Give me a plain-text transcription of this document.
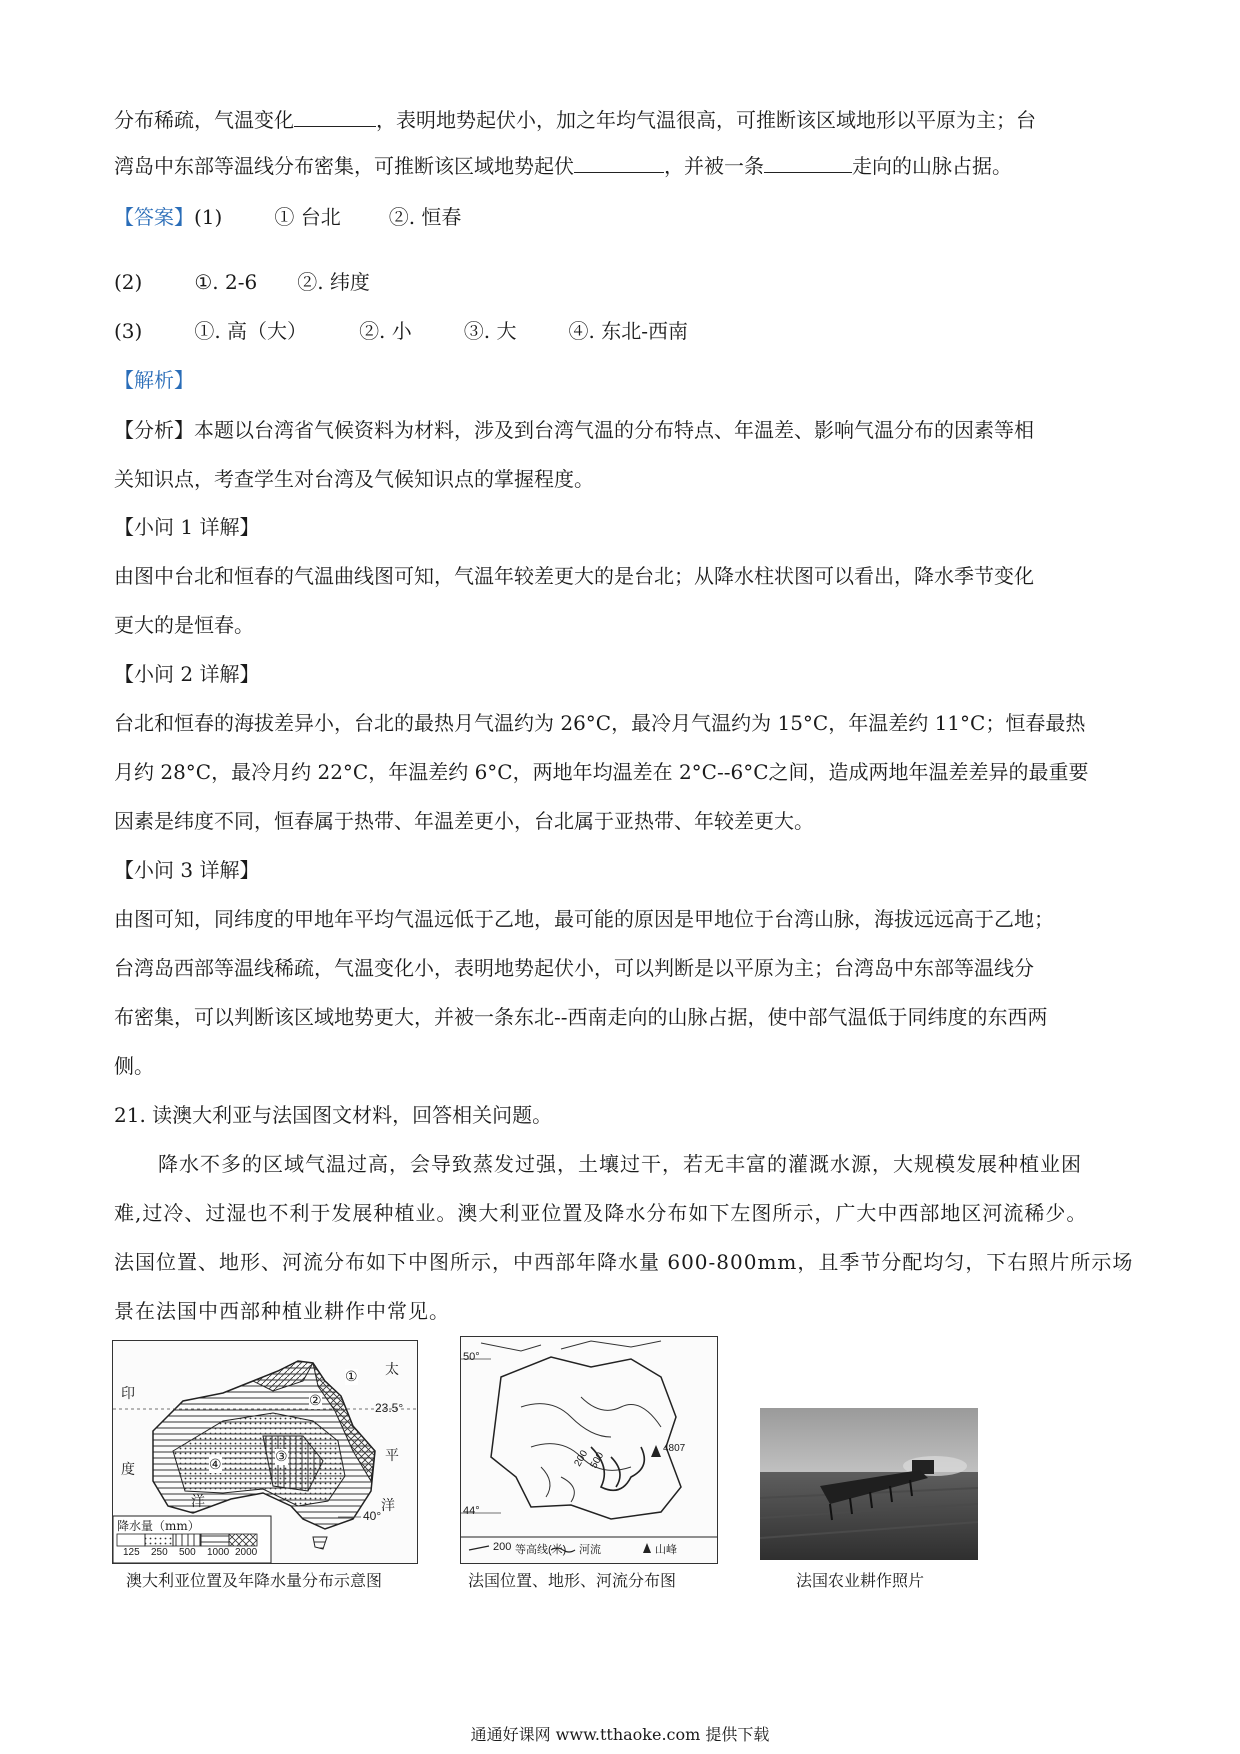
分布稀疏，气温变化	，表明地势起伏小，加之年均气温很高，可推断该区域地形以平原为主；台
湾岛中东部等温线分布密集，可推断该区域地势起伏	，并被一条	走向的山脉占据。
【答案】(1)	① 台北 ②. 恒春
(2)	①. 2-6 ②. 纬度
(3)	①. 高（大）	②. 小	③. 大	④. 东北-西南
【解析】
【分析】本题以台湾省气候资料为材料，涉及到台湾气温的分布特点、年温差、影响气温分布的因素等相
关知识点，考查学生对台湾及气候知识点的掌握程度。
【小问 1 详解】
由图中台北和恒春的气温曲线图可知，气温年较差更大的是台北；从降水柱状图可以看出，降水季节变化
更大的是恒春。
【小问 2 详解】
台北和恒春的海拔差异小，台北的最热月气温约为 26°C，最冷月气温约为 15°C，年温差约 11°C；恒春最热
月约 28°C，最冷月约 22°C，年温差约 6°C，两地年均温差在 2°C--6°C之间，造成两地年温差差异的最重要
因素是纬度不同，恒春属于热带、年温差更小，台北属于亚热带、年较差更大。
【小问 3 详解】
由图可知，同纬度的甲地年平均气温远低于乙地，最可能的原因是甲地位于台湾山脉，海拔远远高于乙地；
台湾岛西部等温线稀疏，气温变化小，表明地势起伏小，可以判断是以平原为主；台湾岛中东部等温线分
布密集，可以判断该区域地势更大，并被一条东北--西南走向的山脉占据，使中部气温低于同纬度的东西两
侧。
21. 读澳大利亚与法国图文材料，回答相关问题。
降水不多的区域气温过高，会导致蒸发过强，土壤过干，若无丰富的灌溉水源，大规模发展种植业困
难,过冷、过湿也不利于发展种植业。澳大利亚位置及降水分布如下左图所示，广大中西部地区河流稀少。
法国位置、地形、河流分布如下中图所示，中西部年降水量 600-800mm，且季节分配均匀，下右照片所示场
景在法国中西部种植业耕作中常见。
印
度
洋
太
平
洋
23.5°
40°
①
②
③
④
降水量（mm）
125	250	500	1000 2000
澳大利亚位置及年降水量分布示意图
50°
44°
200
500
4807
200	河流	山峰
等高线(米)
法国位置、地形、河流分布图	法国农业耕作照片
通通好课网 www.tthaoke.com 提供下载
